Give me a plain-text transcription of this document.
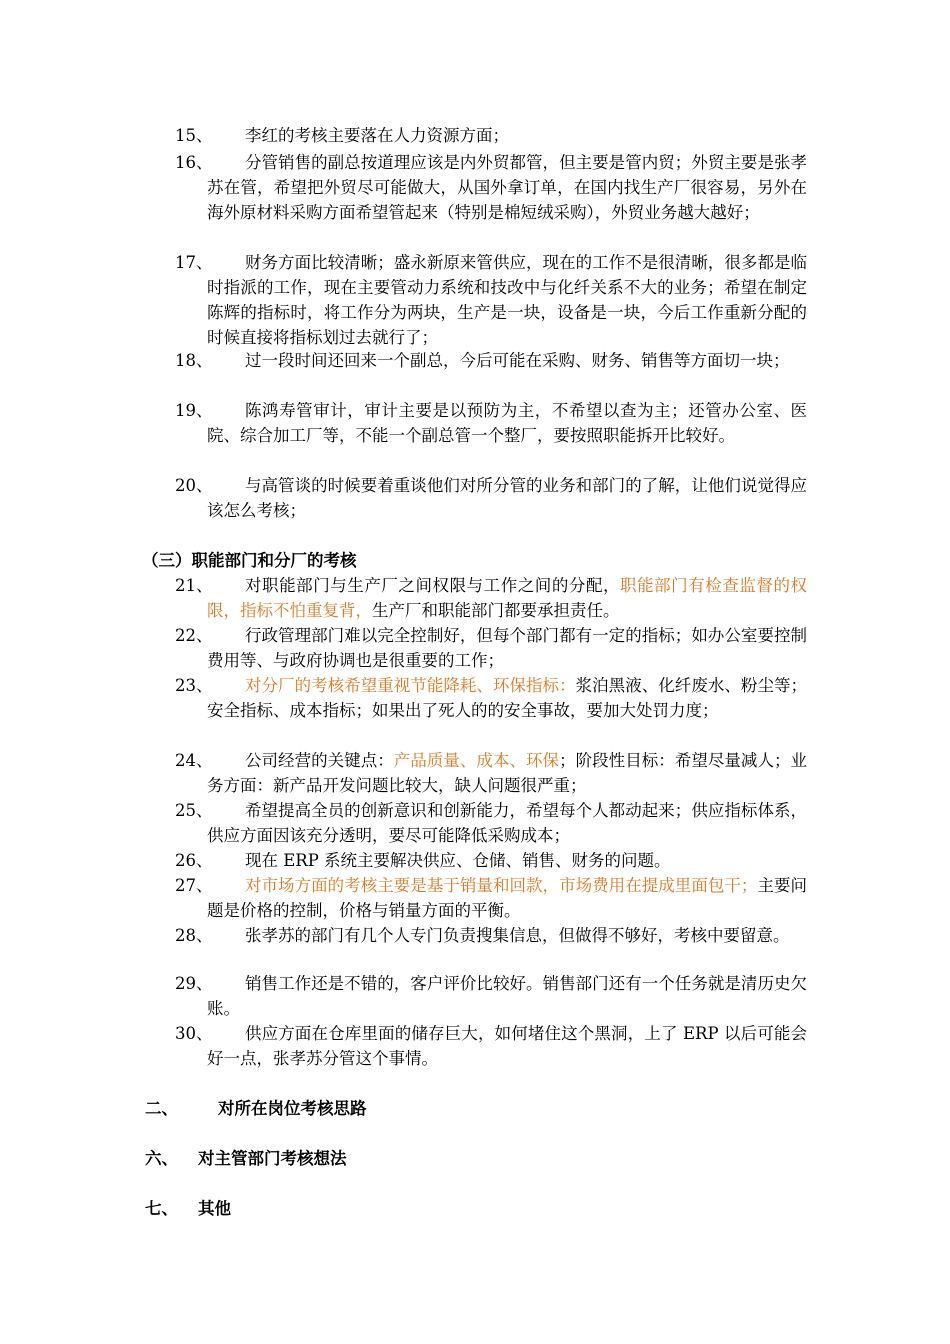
15、	李红的考核主要落在人力资源方面；
16、	分管销售的副总按道理应该是内外贸都管，但主要是管内贸；外贸主要是张孝苏在管，希望把外贸尽可能做大，从国外拿订单，在国内找生产厂很容易，另外在海外原材料采购方面希望管起来（特别是棉短绒采购），外贸业务越大越好；
17、	财务方面比较清晰；盛永新原来管供应，现在的工作不是很清晰，很多都是临时指派的工作，现在主要管动力系统和技改中与化纤关系不大的业务；希望在制定陈辉的指标时，将工作分为两块，生产是一块，设备是一块，今后工作重新分配的时候直接将指标划过去就行了；
18、	过一段时间还回来一个副总，今后可能在采购、财务、销售等方面切一块；
19、	陈鸿寿管审计，审计主要是以预防为主，不希望以查为主；还管办公室、医院、综合加工厂等，不能一个副总管一个整厂，要按照职能拆开比较好。
20、	与高管谈的时候要着重谈他们对所分管的业务和部门的了解，让他们说觉得应该怎么考核；
（三）职能部门和分厂的考核
21、	对职能部门与生产厂之间权限与工作之间的分配，职能部门有检查监督的权限，指标不怕重复背，生产厂和职能部门都要承担责任。
22、	行政管理部门难以完全控制好，但每个部门都有一定的指标；如办公室要控制费用等、与政府协调也是很重要的工作；
23、	对分厂的考核希望重视节能降耗、环保指标：浆泊黑液、化纤废水、粉尘等；安全指标、成本指标；如果出了死人的的安全事故，要加大处罚力度；
24、	公司经营的关键点：产品质量、成本、环保；阶段性目标：希望尽量减人；业务方面：新产品开发问题比较大，缺人问题很严重；
25、	希望提高全员的创新意识和创新能力，希望每个人都动起来；供应指标体系，供应方面因该充分透明，要尽可能降低采购成本；
26、	现在 ERP 系统主要解决供应、仓储、销售、财务的问题。
27、	对市场方面的考核主要是基于销量和回款，市场费用在提成里面包干；主要问题是价格的控制，价格与销量方面的平衡。
28、	张孝苏的部门有几个人专门负责搜集信息，但做得不够好，考核中要留意。
29、	销售工作还是不错的，客户评价比较好。销售部门还有一个任务就是清历史欠账。
30、	供应方面在仓库里面的储存巨大，如何堵住这个黑洞，上了 ERP 以后可能会好一点，张孝苏分管这个事情。
二、 对所在岗位考核思路
六、 对主管部门考核想法
七、 其他
